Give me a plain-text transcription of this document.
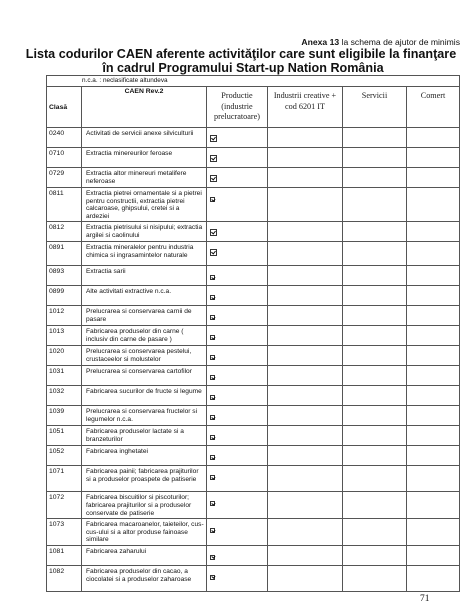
Anexa 13 la schema de ajutor de minimis
Lista codurilor CAEN aferente activităţilor care sunt eligibile la finanţare
în cadrul Programului Start-up Nation România
n.c.a. : neclasificate altundeva					
Clasă	CAEN Rev.2	Productie (industrie prelucratoare)	Industrii creative + cod 6201 IT	Servicii	Comert

0240	Activitati de servicii anexe silviculturii				
0710	Extractia minereurilor feroase				
0729	Extractia altor minereuri metalifere neferoase				
0811	Extractia pietrei ornamentale si a pietrei pentru constructii, extractia pietrei calcaroase, ghipsului, cretei si a ardeziei				
0812	Extractia pietrisului si nisipului; extractia argilei si caolinului				
0891	Extractia mineralelor pentru industria chimica si ingrasamintelor naturale				
0893	Extractia sarii				
0899	Alte activitati extractive n.c.a.				
1012	Prelucrarea si conservarea carnii de pasare				
1013	Fabricarea produselor din carne ( inclusiv din carne de pasare )				
1020	Prelucrarea si conservarea pestelui, crustaceelor si molustelor				
1031	Prelucrarea si conservarea cartofilor				
1032	Fabricarea sucurilor de fructe si legume				
1039	Prelucrarea si conservarea fructelor si legumelor n.c.a.				
1051	Fabricarea produselor lactate si a branzeturilor				
1052	Fabricarea inghetatei				
1071	Fabricarea painii; fabricarea prajiturilor si a produselor proaspete de patiserie				
1072	Fabricarea biscuitilor si piscoturilor; fabricarea prajiturilor si a produselor conservate de patiserie				
1073	Fabricarea macaroanelor, taieteilor, cus-cus-ului si a altor produse fainoase similare				
1081	Fabricarea zaharului				
1082	Fabricarea produselor din cacao, a ciocolatei si a produselor zaharoase				
71
